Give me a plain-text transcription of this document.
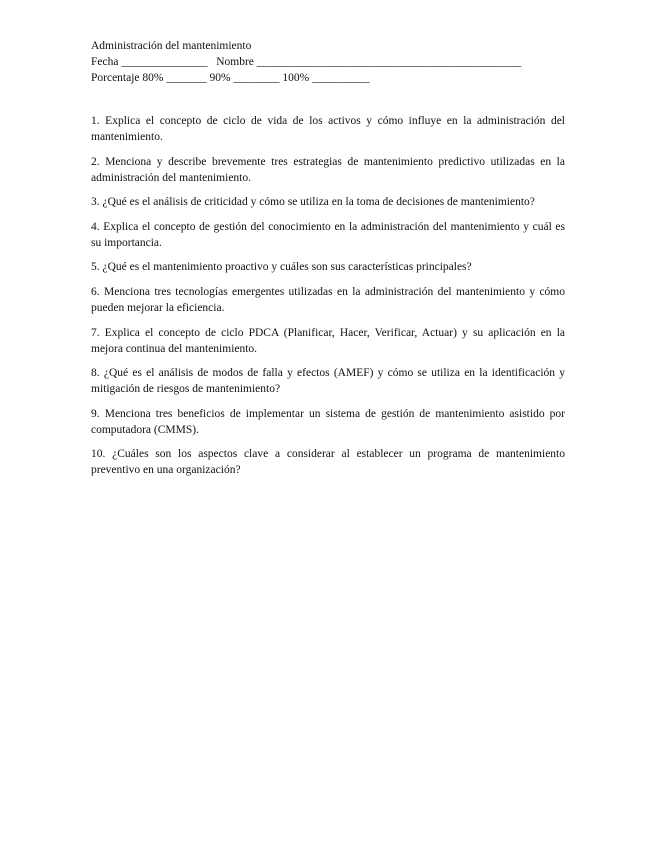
Administración del mantenimiento

Fecha _______________   Nombre ______________________________________________

Porcentaje 80% _______ 90% ________ 100% __________

1. Explica el concepto de ciclo de vida de los activos y cómo influye en la administración del mantenimiento.

2. Menciona y describe brevemente tres estrategias de mantenimiento predictivo utilizadas en la administración del mantenimiento.

3. ¿Qué es el análisis de criticidad y cómo se utiliza en la toma de decisiones de mantenimiento?

4. Explica el concepto de gestión del conocimiento en la administración del mantenimiento y cuál es su importancia.

5. ¿Qué es el mantenimiento proactivo y cuáles son sus características principales?

6. Menciona tres tecnologías emergentes utilizadas en la administración del mantenimiento y cómo pueden mejorar la eficiencia.

7. Explica el concepto de ciclo PDCA (Planificar, Hacer, Verificar, Actuar) y su aplicación en la mejora continua del mantenimiento.

8. ¿Qué es el análisis de modos de falla y efectos (AMEF) y cómo se utiliza en la identificación y mitigación de riesgos de mantenimiento?

9. Menciona tres beneficios de implementar un sistema de gestión de mantenimiento asistido por computadora (CMMS).

10. ¿Cuáles son los aspectos clave a considerar al establecer un programa de mantenimiento preventivo en una organización?
